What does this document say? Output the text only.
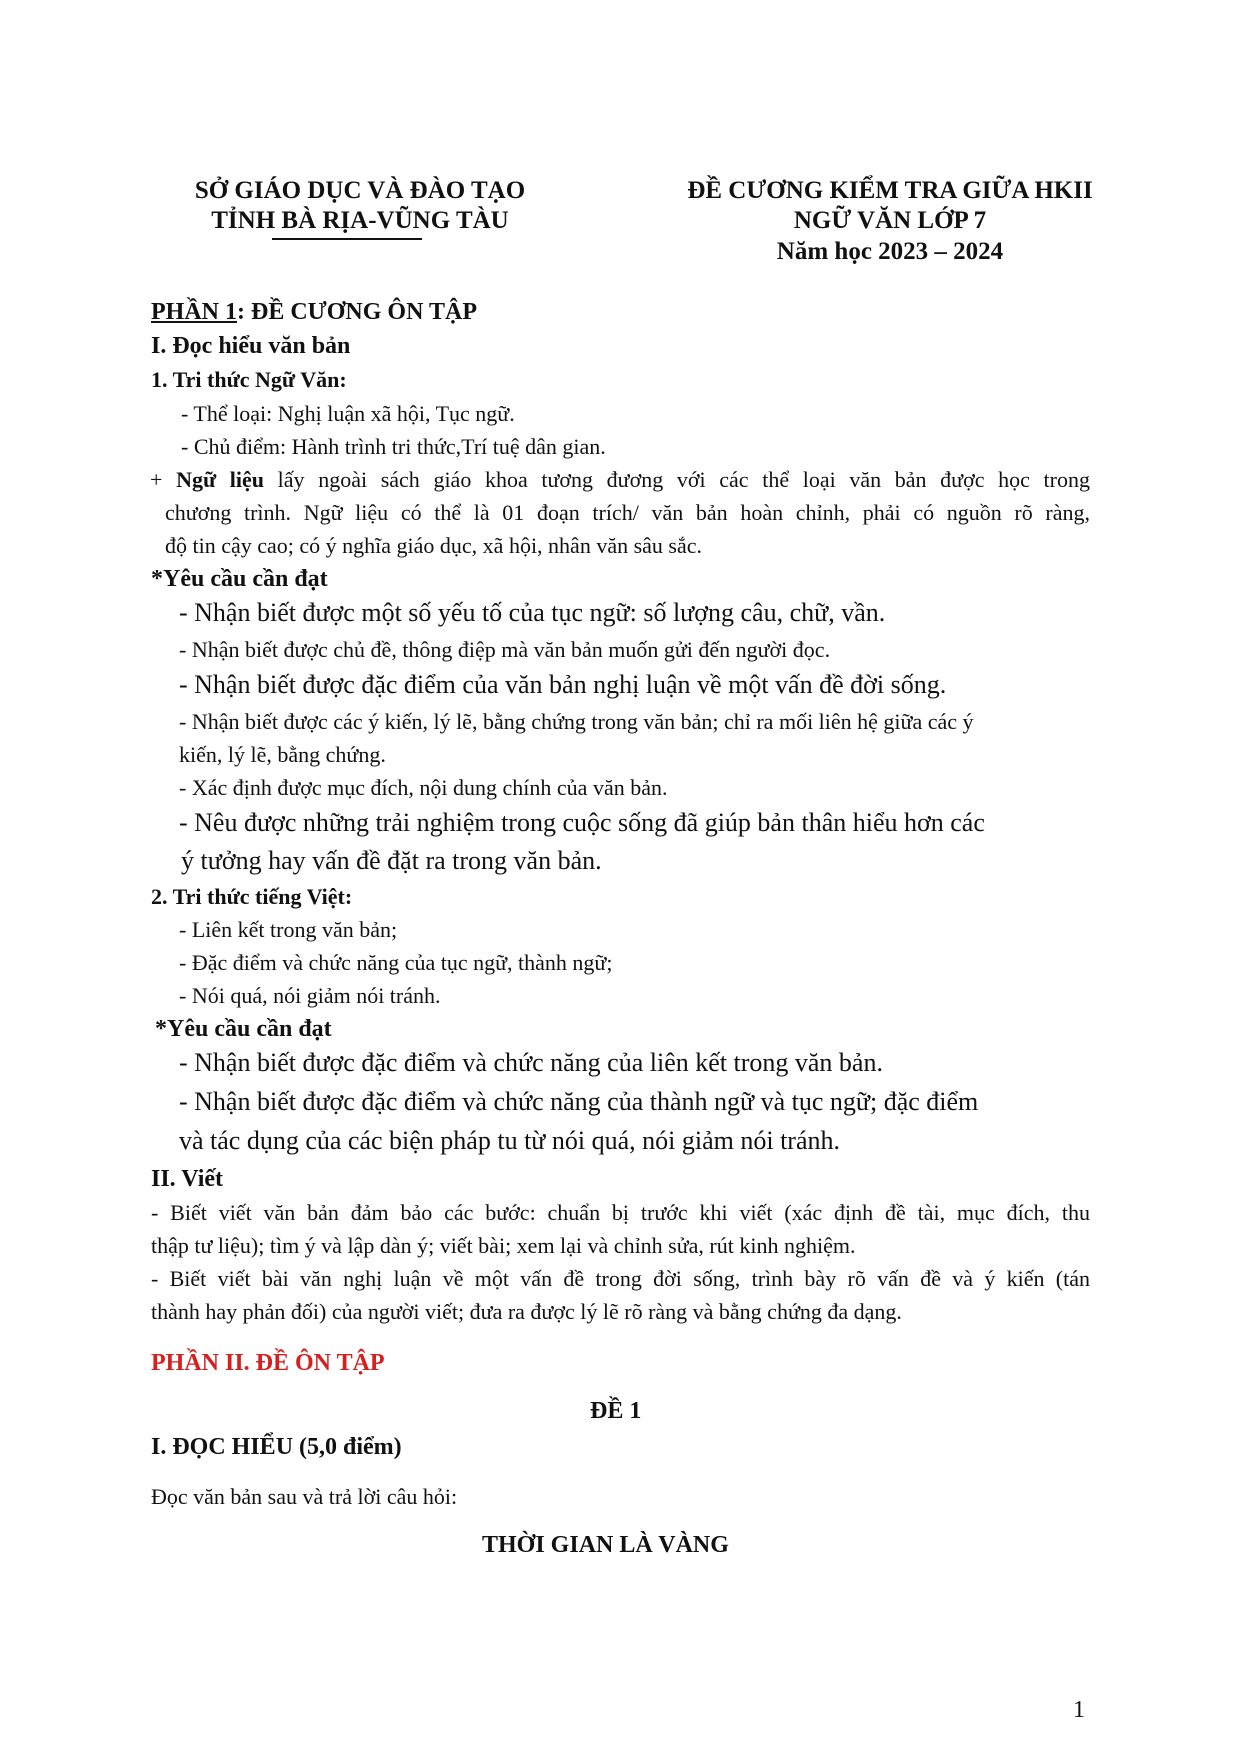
SỞ GIÁO DỤC VÀ ĐÀO TẠO
TỈNH BÀ RỊA-VŨNG TÀU
ĐỀ CƯƠNG KIỂM TRA GIỮA HKII
NGỮ VĂN LỚP 7
Năm học 2023 – 2024
PHẦN 1: ĐỀ CƯƠNG ÔN TẬP
I. Đọc hiểu văn bản
1. Tri thức Ngữ Văn:
- Thể loại: Nghị luận xã hội, Tục ngữ.
- Chủ điểm: Hành trình tri thức,Trí tuệ dân gian.
+ Ngữ liệu lấy ngoài sách giáo khoa tương đương với các thể loại văn bản được học trong
chương trình. Ngữ liệu có thể là 01 đoạn trích/ văn bản hoàn chỉnh, phải có nguồn rõ ràng,
độ tin cậy cao; có ý nghĩa giáo dục, xã hội, nhân văn sâu sắc.
*Yêu cầu cần đạt
- Nhận biết được một số yếu tố của tục ngữ: số lượng câu, chữ, vần.
- Nhận biết được chủ đề, thông điệp mà văn bản muốn gửi đến người đọc.
- Nhận biết được đặc điểm của văn bản nghị luận về một vấn đề đời sống.
- Nhận biết được các ý kiến, lý lẽ, bằng chứng trong văn bản; chỉ ra mối liên hệ giữa các ý
kiến, lý lẽ, bằng chứng.
- Xác định được mục đích, nội dung chính của văn bản.
- Nêu được những trải nghiệm trong cuộc sống đã giúp bản thân hiểu hơn các
ý tưởng hay vấn đề đặt ra trong văn bản.
2. Tri thức tiếng Việt:
- Liên kết trong văn bản;
- Đặc điểm và chức năng của tục ngữ, thành ngữ;
- Nói quá, nói giảm nói tránh.
*Yêu cầu cần đạt
- Nhận biết được đặc điểm và chức năng của liên kết trong văn bản.
- Nhận biết được đặc điểm và chức năng của thành ngữ và tục ngữ; đặc điểm
và tác dụng của các biện pháp tu từ nói quá, nói giảm nói tránh.
II. Viết
- Biết viết văn bản đảm bảo các bước: chuẩn bị trước khi viết (xác định đề tài, mục đích, thu
thập tư liệu); tìm ý và lập dàn ý; viết bài; xem lại và chỉnh sửa, rút kinh nghiệm.
- Biết viết bài văn nghị luận về một vấn đề trong đời sống, trình bày rõ vấn đề và ý kiến (tán
thành hay phản đối) của người viết; đưa ra được lý lẽ rõ ràng và bằng chứng đa dạng.
PHẦN II. ĐỀ ÔN TẬP
ĐỀ 1
I. ĐỌC HIỂU (5,0 điểm)
Đọc văn bản sau và trả lời câu hỏi:
THỜI GIAN LÀ VÀNG
1
